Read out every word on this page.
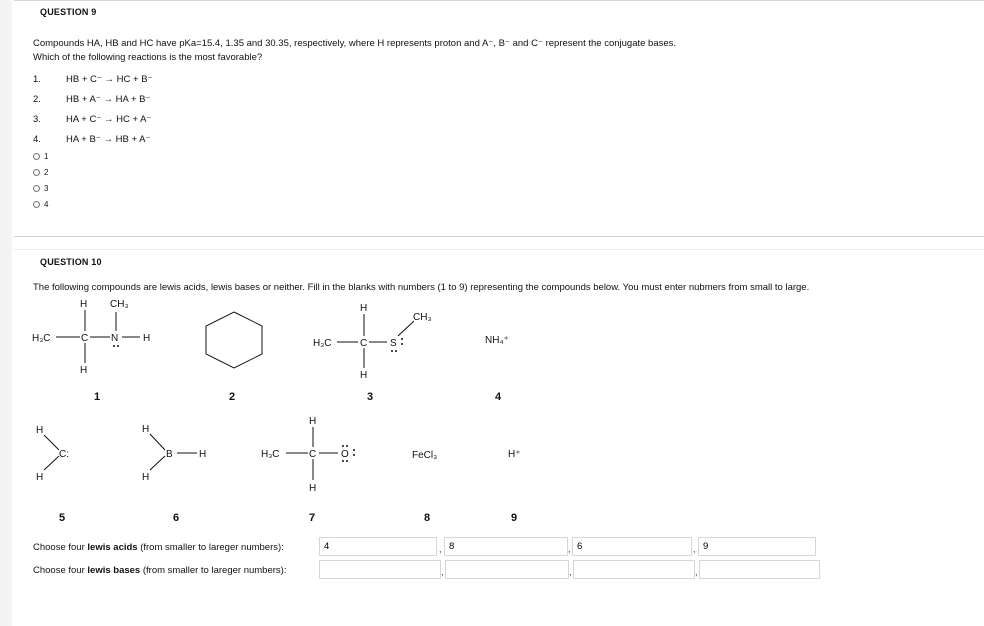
QUESTION 9
Compounds HA, HB and HC have pKa=15.4, 1.35 and 30.35, respectively, where H represents proton and A⁻, B⁻ and C⁻ represent the conjugate bases.
Which of the following reactions is the most favorable?
1.	HB + C⁻ → HC + B⁻
2.	HB + A⁻ → HA + B⁻
3.	HA + C⁻ → HC + A⁻
4.	HA + B⁻ → HB + A⁻
1
2
3
4
QUESTION 10
The following compounds are lewis acids, lewis bases or neither. Fill in the blanks with numbers (1 to 9) representing the compounds below. You must enter nubmers from small to large.
H CH₃
H₃C	C N H
H
H
CH₃
H₃C	C S
H
NH₄⁺
H
C:
H
H
B	H
H
H
H₃C	C O
H
FeCl₃	H⁺
1	2	3	4
5	6	7	8	9
Choose four lewis acids (from smaller to lareger numbers):
4	,
8	,
6	,
9
Choose four lewis bases (from smaller to lareger numbers):	,	,	,
